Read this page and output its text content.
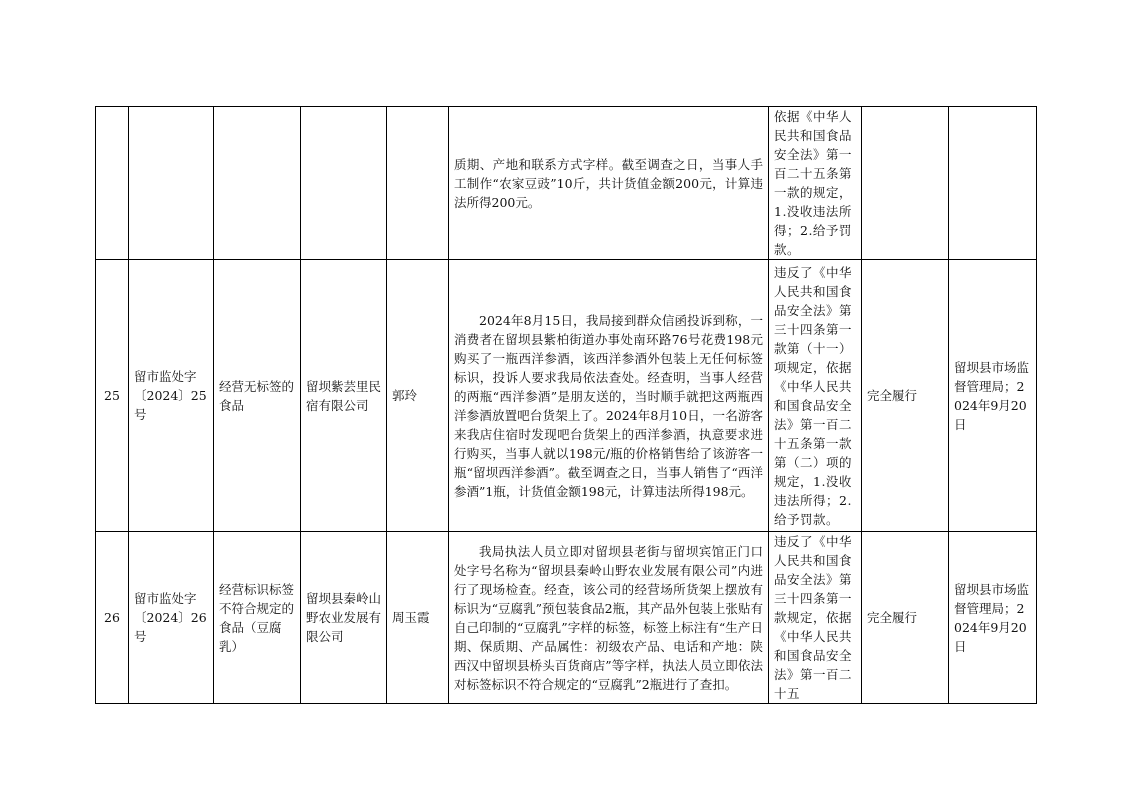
					质期、产地和联系方式字样。截至调查之日，当事人手工制作“农家豆豉”10斤，共计货值金额200元，计算违法所得200元。	依据《中华人民共和国食品安全法》第一百二十五条第一款的规定，1.没收违法所得；2.给予罚款。		
25	留市监处字〔2024〕25号	经营无标签的食品	留坝紫芸里民宿有限公司	郭玲	2024年8月15日，我局接到群众信函投诉到称，一消费者在留坝县紫柏街道办事处南环路76号花费198元购买了一瓶西洋参酒，该西洋参酒外包装上无任何标签标识，投诉人要求我局依法查处。经查明，当事人经营的两瓶“西洋参酒”是朋友送的，当时顺手就把这两瓶西洋参酒放置吧台货架上了。2024年8月10日，一名游客来我店住宿时发现吧台货架上的西洋参酒，执意要求进行购买，当事人就以198元/瓶的价格销售给了该游客一瓶“留坝西洋参酒”。截至调查之日，当事人销售了“西洋参酒”1瓶，计货值金额198元，计算违法所得198元。	违反了《中华人民共和国食品安全法》第三十四条第一款第（十一）项规定，依据《中华人民共和国食品安全法》第一百二十五条第一款第（二）项的规定，1.没收违法所得；2.给予罚款。	完全履行	留坝县市场监督管理局；2024年9月20日
26	留市监处字〔2024〕26号	经营标识标签不符合规定的食品（豆腐乳）	留坝县秦岭山野农业发展有限公司	周玉霞	我局执法人员立即对留坝县老街与留坝宾馆正门口处字号名称为“留坝县秦岭山野农业发展有限公司”内进行了现场检查。经查，该公司的经营场所货架上摆放有标识为“豆腐乳”预包装食品2瓶，其产品外包装上张贴有自己印制的“豆腐乳”字样的标签，标签上标注有“生产日期、保质期、产品属性：初级农产品、电话和产地：陕西汉中留坝县桥头百货商店”等字样，执法人员立即依法对标签标识不符合规定的“豆腐乳”2瓶进行了查扣。	违反了《中华人民共和国食品安全法》第三十四条第一款规定，依据《中华人民共和国食品安全法》第一百二十五	完全履行	留坝县市场监督管理局；2024年9月20日
